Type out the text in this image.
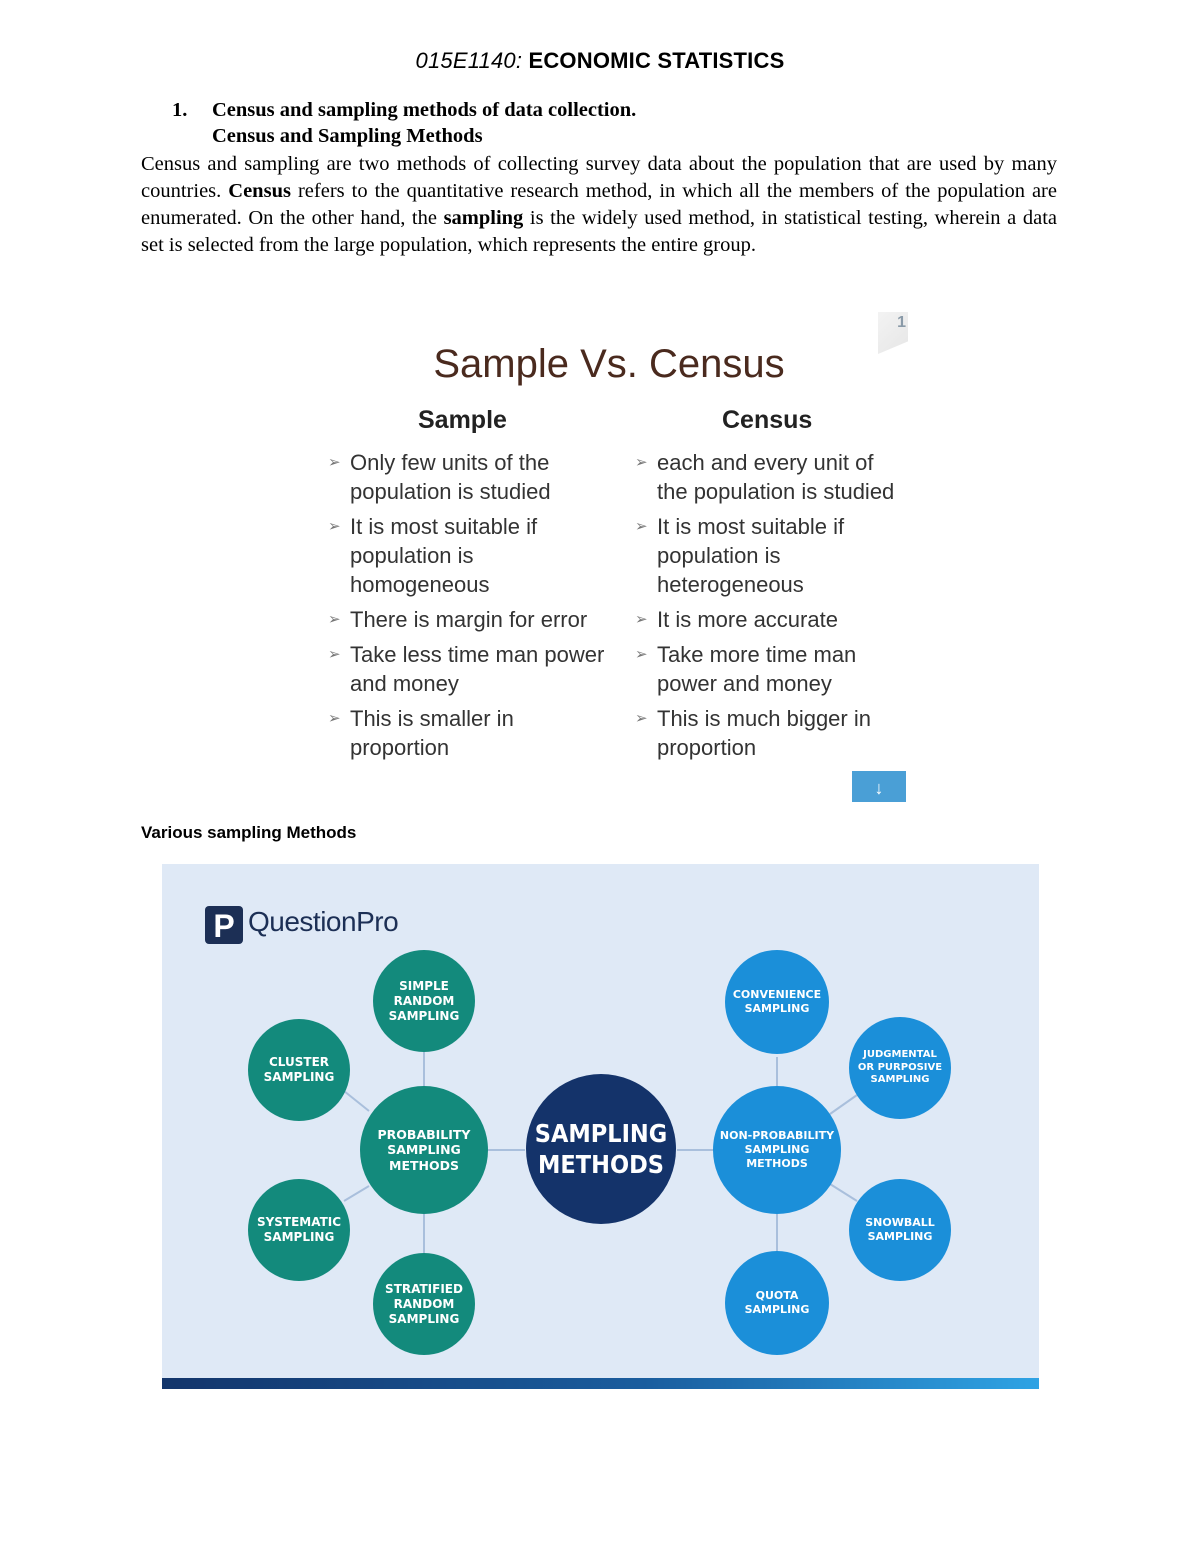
015E1140: ECONOMIC STATISTICS
1. Census and sampling methods of data collection.
Census and Sampling Methods
Census and sampling are two methods of collecting survey data about the population that are used by many countries. Census refers to the quantitative research method, in which all the members of the population are enumerated. On the other hand, the sampling is the widely used method, in statistical testing, wherein a data set is selected from the large population, which represents the entire group.
1
Sample Vs. Census
Sample
➢ Only few units of the population is studied
➢ It is most suitable if population is homogeneous
➢ There is margin for error
➢ Take less time man power and money
➢ This is smaller in proportion
Census
➢ each and every unit of the population is studied
➢ It is most suitable if population is heterogeneous
➢ It is more accurate
➢ Take more time man power and money
➢ This is much bigger in proportion
↓
Various sampling Methods
P QuestionPro
SAMPLING METHODS
PROBABILITY SAMPLING METHODS
SIMPLE RANDOM SAMPLING
CLUSTER SAMPLING
SYSTEMATIC SAMPLING
STRATIFIED RANDOM SAMPLING
NON-PROBABILITY SAMPLING METHODS
CONVENIENCE SAMPLING
JUDGMENTAL OR PURPOSIVE SAMPLING
SNOWBALL SAMPLING
QUOTA SAMPLING
